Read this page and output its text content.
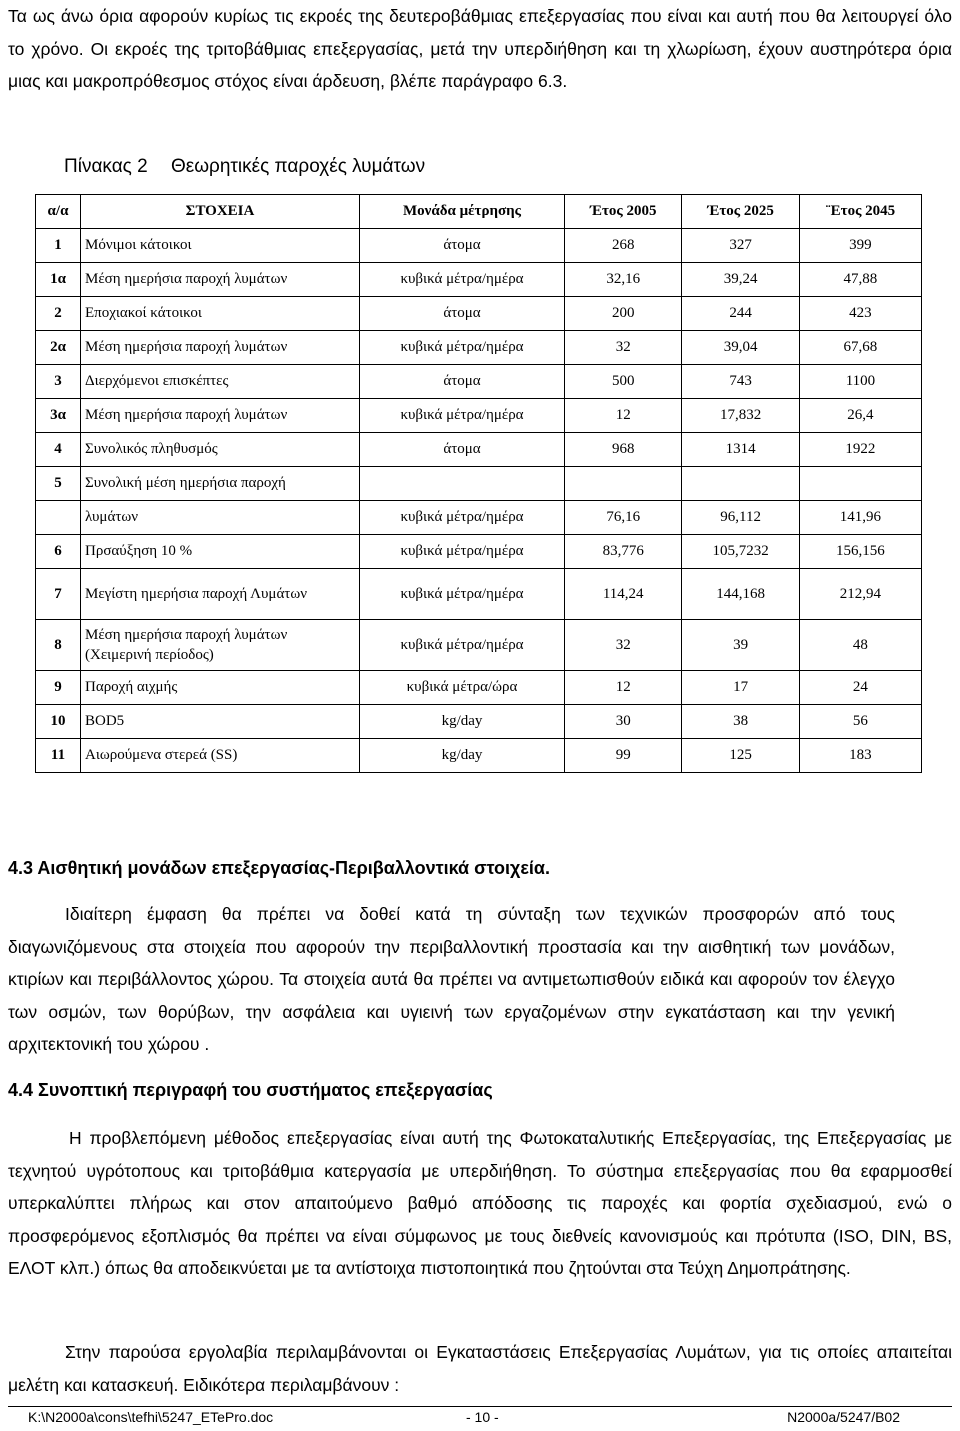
Τα ως άνω όρια αφορούν κυρίως τις εκροές της δευτεροβάθμιας επεξεργασίας που είναι και αυτή που θα λειτουργεί όλο το χρόνο. Οι εκροές της τριτοβάθμιας επεξεργασίας, μετά την υπερδιήθηση και τη χλωρίωση, έχουν αυστηρότερα όρια μιας και μακροπρόθεσμος στόχος είναι άρδευση, βλέπε παράγραφο 6.3.
Πίνακας 2 Θεωρητικές παροχές λυμάτων
α/α	ΣΤΟΧΕΙΑ	Μονάδα μέτρησης	Έτος 2005	Έτος 2025	¨Ετος 2045
1	Μόνιμοι κάτοικοι	άτομα	268	327	399
1α	Μέση ημερήσια παροχή λυμάτων	κυβικά μέτρα/ημέρα	32,16	39,24	47,88
2	Εποχιακοί κάτοικοι	άτομα	200	244	423
2α	Μέση ημερήσια παροχή λυμάτων	κυβικά μέτρα/ημέρα	32	39,04	67,68
3	Διερχόμενοι επισκέπτες	άτομα	500	743	1100
3α	Μέση ημερήσια παροχή λυμάτων	κυβικά μέτρα/ημέρα	12	17,832	26,4
4	Συνολικός πληθυσμός	άτομα	968	1314	1922
5	Συνολική μέση ημερήσια παροχή				
	λυμάτων	κυβικά μέτρα/ημέρα	76,16	96,112	141,96
6	Πρσαύξηση 10 %	κυβικά μέτρα/ημέρα	83,776	105,7232	156,156
7	Μεγίστη ημερήσια παροχή Λυμάτων	κυβικά μέτρα/ημέρα	114,24	144,168	212,94
8	Μέση ημερήσια παροχή λυμάτων (Χειμερινή περίοδος)	κυβικά μέτρα/ημέρα	32	39	48
9	Παροχή αιχμής	κυβικά μέτρα/ώρα	12	17	24
10	BOD5	kg/day	30	38	56
11	Αιωρούμενα στερεά (SS)	kg/day	99	125	183
4.3 Αισθητική μονάδων επεξεργασίας-Περιβαλλοντικά στοιχεία.
Ιδιαίτερη έμφαση θα πρέπει να δοθεί κατά τη σύνταξη των τεχνικών προσφορών από τους διαγωνιζόμενους στα στοιχεία που αφορούν την περιβαλλοντική προστασία και την αισθητική των μονάδων, κτιρίων και περιβάλλοντος χώρου. Τα στοιχεία αυτά θα πρέπει να αντιμετωπισθούν ειδικά και αφορούν τον έλεγχο των οσμών, των θορύβων, την ασφάλεια και υγιεινή των εργαζομένων στην εγκατάσταση και την γενική αρχιτεκτονική του χώρου .
4.4 Συνοπτική περιγραφή του συστήματος επεξεργασίας
Η προβλεπόμενη μέθοδος επεξεργασίας είναι αυτή της Φωτοκαταλυτικής Επεξεργασίας, της Επεξεργασίας με τεχνητού υγρότοπους και τριτοβάθμια κατεργασία με υπερδιήθηση. Το σύστημα επεξεργασίας που θα εφαρμοσθεί υπερκαλύπτει πλήρως και στον απαιτούμενο βαθμό απόδοσης τις παροχές και φορτία σχεδιασμού, ενώ ο προσφερόμενος εξοπλισμός θα πρέπει να είναι σύμφωνος με τους διεθνείς κανονισμούς και πρότυπα (ISO, DIN, BS, ΕΛΟΤ κλπ.) όπως θα αποδεικνύεται με τα αντίστοιχα πιστοποιητικά που ζητούνται στα Τεύχη Δημοπράτησης.
Στην παρούσα εργολαβία περιλαμβάνονται οι Εγκαταστάσεις Επεξεργασίας Λυμάτων, για τις οποίες απαιτείται μελέτη και κατασκευή. Ειδικότερα περιλαμβάνουν :
K:\N2000a\cons\tefhi\5247_ETePro.doc	- 10 -	N2000a/5247/B02
